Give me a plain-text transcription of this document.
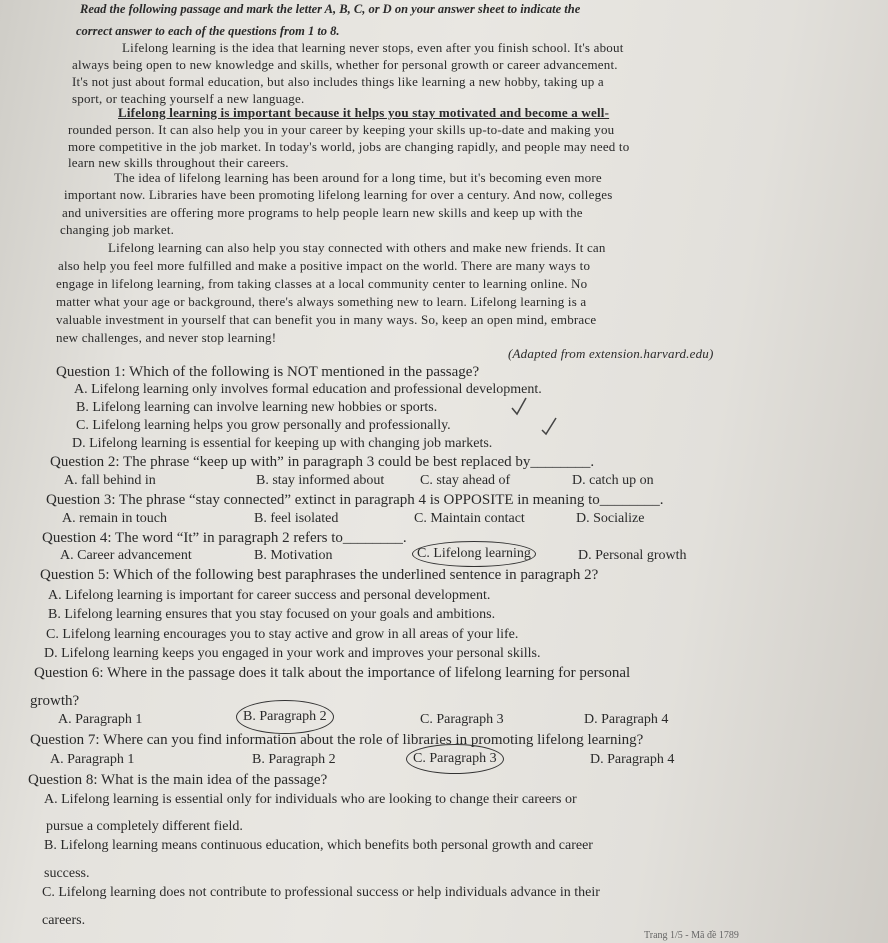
Read the following passage and mark the letter A, B, C, or D on your answer sheet to indicate the
correct answer to each of the questions from 1 to 8.
Lifelong learning is the idea that learning never stops, even after you finish school. It's about
always being open to new knowledge and skills, whether for personal growth or career advancement.
It's not just about formal education, but also includes things like learning a new hobby, taking up a
sport, or teaching yourself a new language.
Lifelong learning is important because it helps you stay motivated and become a well-
rounded person. It can also help you in your career by keeping your skills up-to-date and making you
more competitive in the job market. In today's world, jobs are changing rapidly, and people may need to
learn new skills throughout their careers.
The idea of lifelong learning has been around for a long time, but it's becoming even more
important now. Libraries have been promoting lifelong learning for over a century. And now, colleges
and universities are offering more programs to help people learn new skills and keep up with the
changing job market.
Lifelong learning can also help you stay connected with others and make new friends. It can
also help you feel more fulfilled and make a positive impact on the world. There are many ways to
engage in lifelong learning, from taking classes at a local community center to learning online. No
matter what your age or background, there's always something new to learn. Lifelong learning is a
valuable investment in yourself that can benefit you in many ways. So, keep an open mind, embrace
new challenges, and never stop learning!
(Adapted from extension.harvard.edu)
Question 1: Which of the following is NOT mentioned in the passage?
A. Lifelong learning only involves formal education and professional development.
B. Lifelong learning can involve learning new hobbies or sports.
C. Lifelong learning helps you grow personally and professionally.
D. Lifelong learning is essential for keeping up with changing job markets.
Question 2: The phrase “keep up with” in paragraph 3 could be best replaced by________.
A. fall behind in	B. stay informed about	C. stay ahead of	D. catch up on
Question 3: The phrase “stay connected” extinct in paragraph 4 is OPPOSITE in meaning to________.
A. remain in touch	B. feel isolated	C. Maintain contact	D. Socialize
Question 4: The word “It” in paragraph 2 refers to________.
A. Career advancement	B. Motivation	C. Lifelong learning	D. Personal growth
Question 5: Which of the following best paraphrases the underlined sentence in paragraph 2?
A. Lifelong learning is important for career success and personal development.
B. Lifelong learning ensures that you stay focused on your goals and ambitions.
C. Lifelong learning encourages you to stay active and grow in all areas of your life.
D. Lifelong learning keeps you engaged in your work and improves your personal skills.
Question 6: Where in the passage does it talk about the importance of lifelong learning for personal
growth?
A. Paragraph 1	B. Paragraph 2	C. Paragraph 3	D. Paragraph 4
Question 7: Where can you find information about the role of libraries in promoting lifelong learning?
A. Paragraph 1	B. Paragraph 2	C. Paragraph 3	D. Paragraph 4
Question 8: What is the main idea of the passage?
A. Lifelong learning is essential only for individuals who are looking to change their careers or
pursue a completely different field.
B. Lifelong learning means continuous education, which benefits both personal growth and career
success.
C. Lifelong learning does not contribute to professional success or help individuals advance in their
careers.
Trang 1/5 - Mã đề 1789
